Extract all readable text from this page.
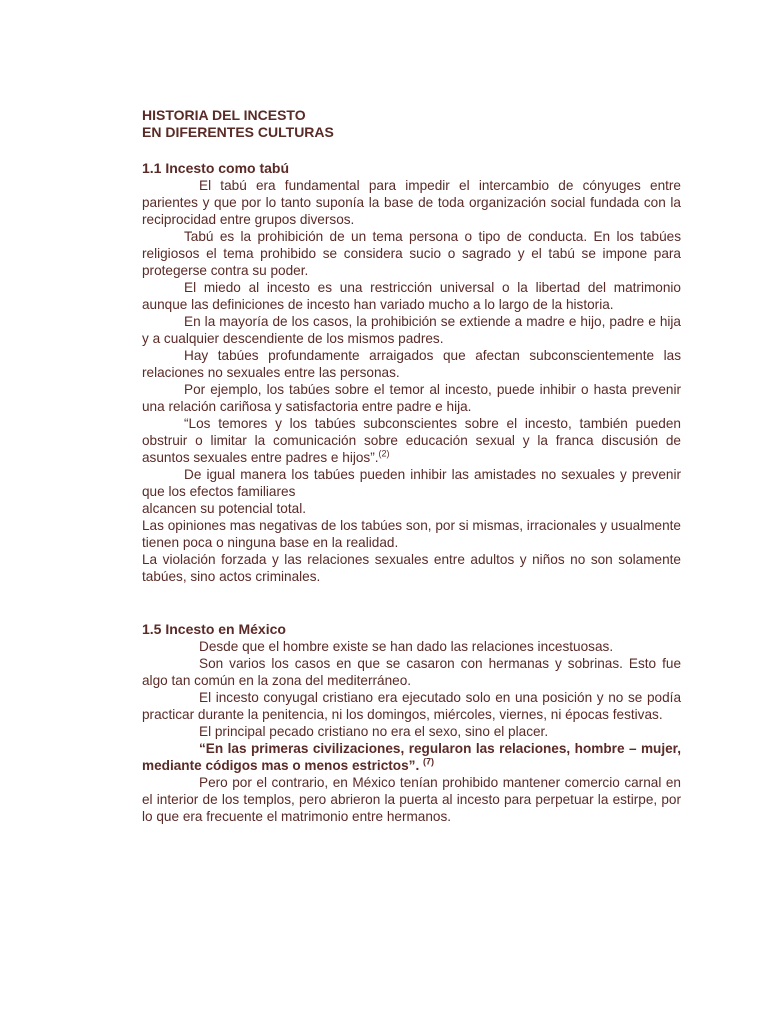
HISTORIA DEL INCESTO
EN DIFERENTES CULTURAS
1.1 Incesto como tabú

El tabú era fundamental para impedir el intercambio de cónyuges entre parientes y que por lo tanto suponía la base de toda organización social fundada con la reciprocidad entre grupos diversos.

Tabú es la prohibición de un tema persona o tipo de conducta. En los tabúes religiosos el tema prohibido se considera sucio o sagrado y el tabú se impone para protegerse contra su poder.

El miedo al incesto es una restricción universal o la libertad del matrimonio aunque las definiciones de incesto han variado mucho a lo largo de la historia.

En la mayoría de los casos, la prohibición se extiende a madre e hijo, padre e hija y a cualquier descendiente de los mismos padres.

Hay tabúes profundamente arraigados que afectan subconscientemente las relaciones no sexuales entre las personas.

Por ejemplo, los tabúes sobre el temor al incesto, puede inhibir o hasta prevenir una relación cariñosa y satisfactoria entre padre e hija.

“Los temores y los tabúes subconscientes sobre el incesto, también pueden obstruir o limitar la comunicación sobre educación sexual y la franca discusión de asuntos sexuales entre padres e hijos”.$^{(2)}$

De igual manera los tabúes pueden inhibir las amistades no sexuales y prevenir que los efectos familiares

alcancen su potencial total.

Las opiniones mas negativas de los tabúes son, por si mismas, irracionales y usualmente tienen poca o ninguna base en la realidad.

La violación forzada y las relaciones sexuales entre adultos y niños no son solamente tabúes, sino actos criminales.

1.5 Incesto en México

Desde que el hombre existe se han dado las relaciones incestuosas.

Son varios los casos en que se casaron con hermanas y sobrinas. Esto fue algo tan común en la zona del mediterráneo.

El incesto conyugal cristiano era ejecutado solo en una posición y no se podía practicar durante la penitencia, ni los domingos, miércoles, viernes, ni épocas festivas.

El principal pecado cristiano no era el sexo, sino el placer.

“En las primeras civilizaciones, regularon las relaciones, hombre – mujer, mediante códigos mas o menos estrictos”. $^{(7)}$

Pero por el contrario, en México tenían prohibido mantener comercio carnal en el interior de los templos, pero abrieron la puerta al incesto para perpetuar la estirpe, por lo que era frecuente el matrimonio entre hermanos.
